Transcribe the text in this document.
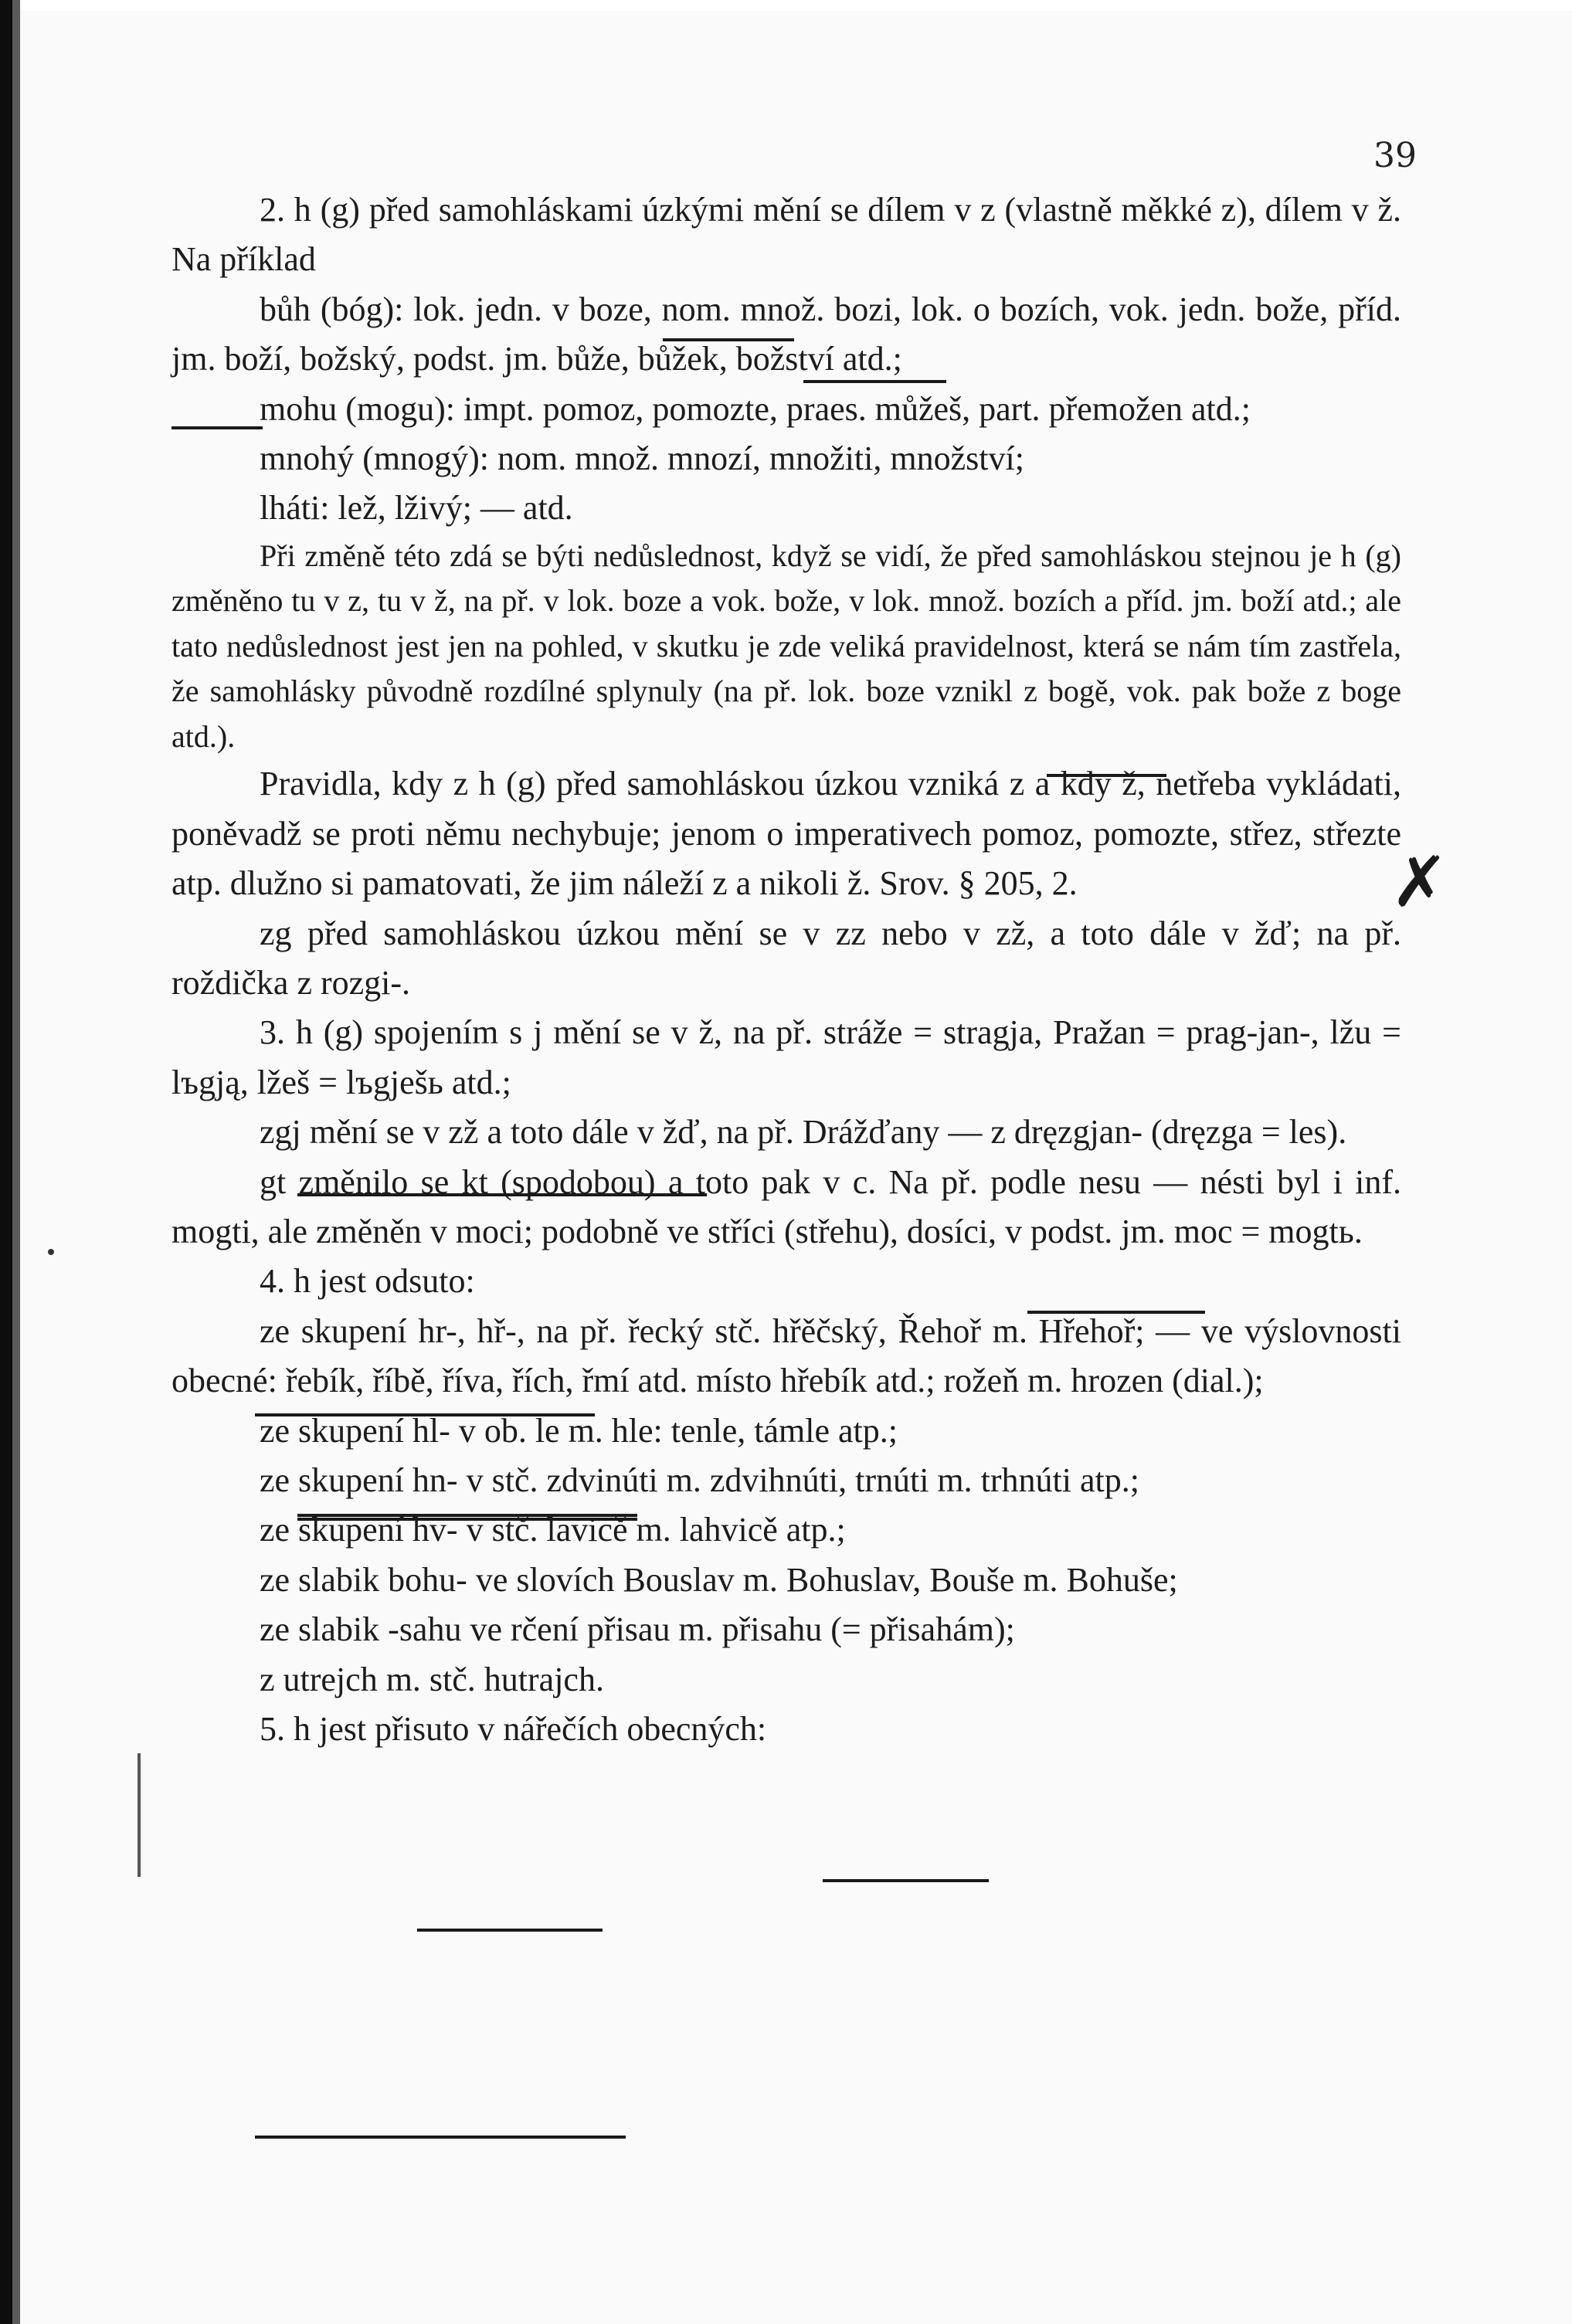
39

2. h (g) před samohláskami úzkými mění se dílem v z (vlastně měkké z), dílem v ž. Na příklad

bůh (bóg): lok. jedn. v boze, nom. množ. bozi, lok. o bozích, vok. jedn. bože, příd. jm. boží, božský, podst. jm. bůže, bůžek, božství atd.;

mohu (mogu): impt. pomoz, pomozte, praes. můžeš, part. přemožen atd.;

mnohý (mnogý): nom. množ. mnozí, množiti, množství;

lháti: lež, lživý; — atd.

Při změně této zdá se býti nedůslednost, když se vidí, že před samohláskou stejnou je h (g) změněno tu v z, tu v ž, na př. v lok. boze a vok. bože, v lok. množ. bozích a příd. jm. boží atd.; ale tato nedůslednost jest jen na pohled, v skutku je zde veliká pravidelnost, která se nám tím zastřela, že samohlásky původně rozdílné splynuly (na př. lok. boze vznikl z bogě, vok. pak bože z boge atd.).

Pravidla, kdy z h (g) před samohláskou úzkou vzniká z a kdy ž, netřeba vykládati, poněvadž se proti němu nechybuje; jenom o imperativech pomoz, pomozte, střez, střezte atp. dlužno si pamatovati, že jim náleží z a nikoli ž. Srov. § 205, 2.

zg před samohláskou úzkou mění se v zz nebo v zž, a toto dále v žď; na př. roždička z rozgi-.

3. h (g) spojením s j mění se v ž, na př. stráže = stragja, Pražan = prag-jan-, lžu = lъgją, lžeš = lъgješь atd.;

zgj mění se v zž a toto dále v žď, na př. Drážďany — z dręzgjan- (dręzga = les).

gt změnilo se kt (spodobou) a toto pak v c. Na př. podle nesu — nésti byl i inf. mogti, ale změněn v moci; podobně ve stříci (střehu), dosíci, v podst. jm. moc = mogtь.

4. h jest odsuto:

ze skupení hr-, hř-, na př. řecký stč. hřěčský, Řehoř m. Hřehoř; — ve výslovnosti obecné: řebík, říbě, říva, řích, řmí atd. místo hřebík atd.; rožeň m. hrozen (dial.);

ze skupení hl- v ob. le m. hle: tenle, támle atp.;

ze skupení hn- v stč. zdvinúti m. zdvihnúti, trnúti m. trhnúti atp.;

ze skupení hv- v stč. lavicě m. lahvicě atp.;

ze slabik bohu- ve slovích Bouslav m. Bohuslav, Bouše m. Bohuše;

ze slabik -sahu ve rčení přisau m. přisahu (= přisahám);

z utrejch m. stč. hutrajch.

5. h jest přisuto v nářečích obecných:

✗
